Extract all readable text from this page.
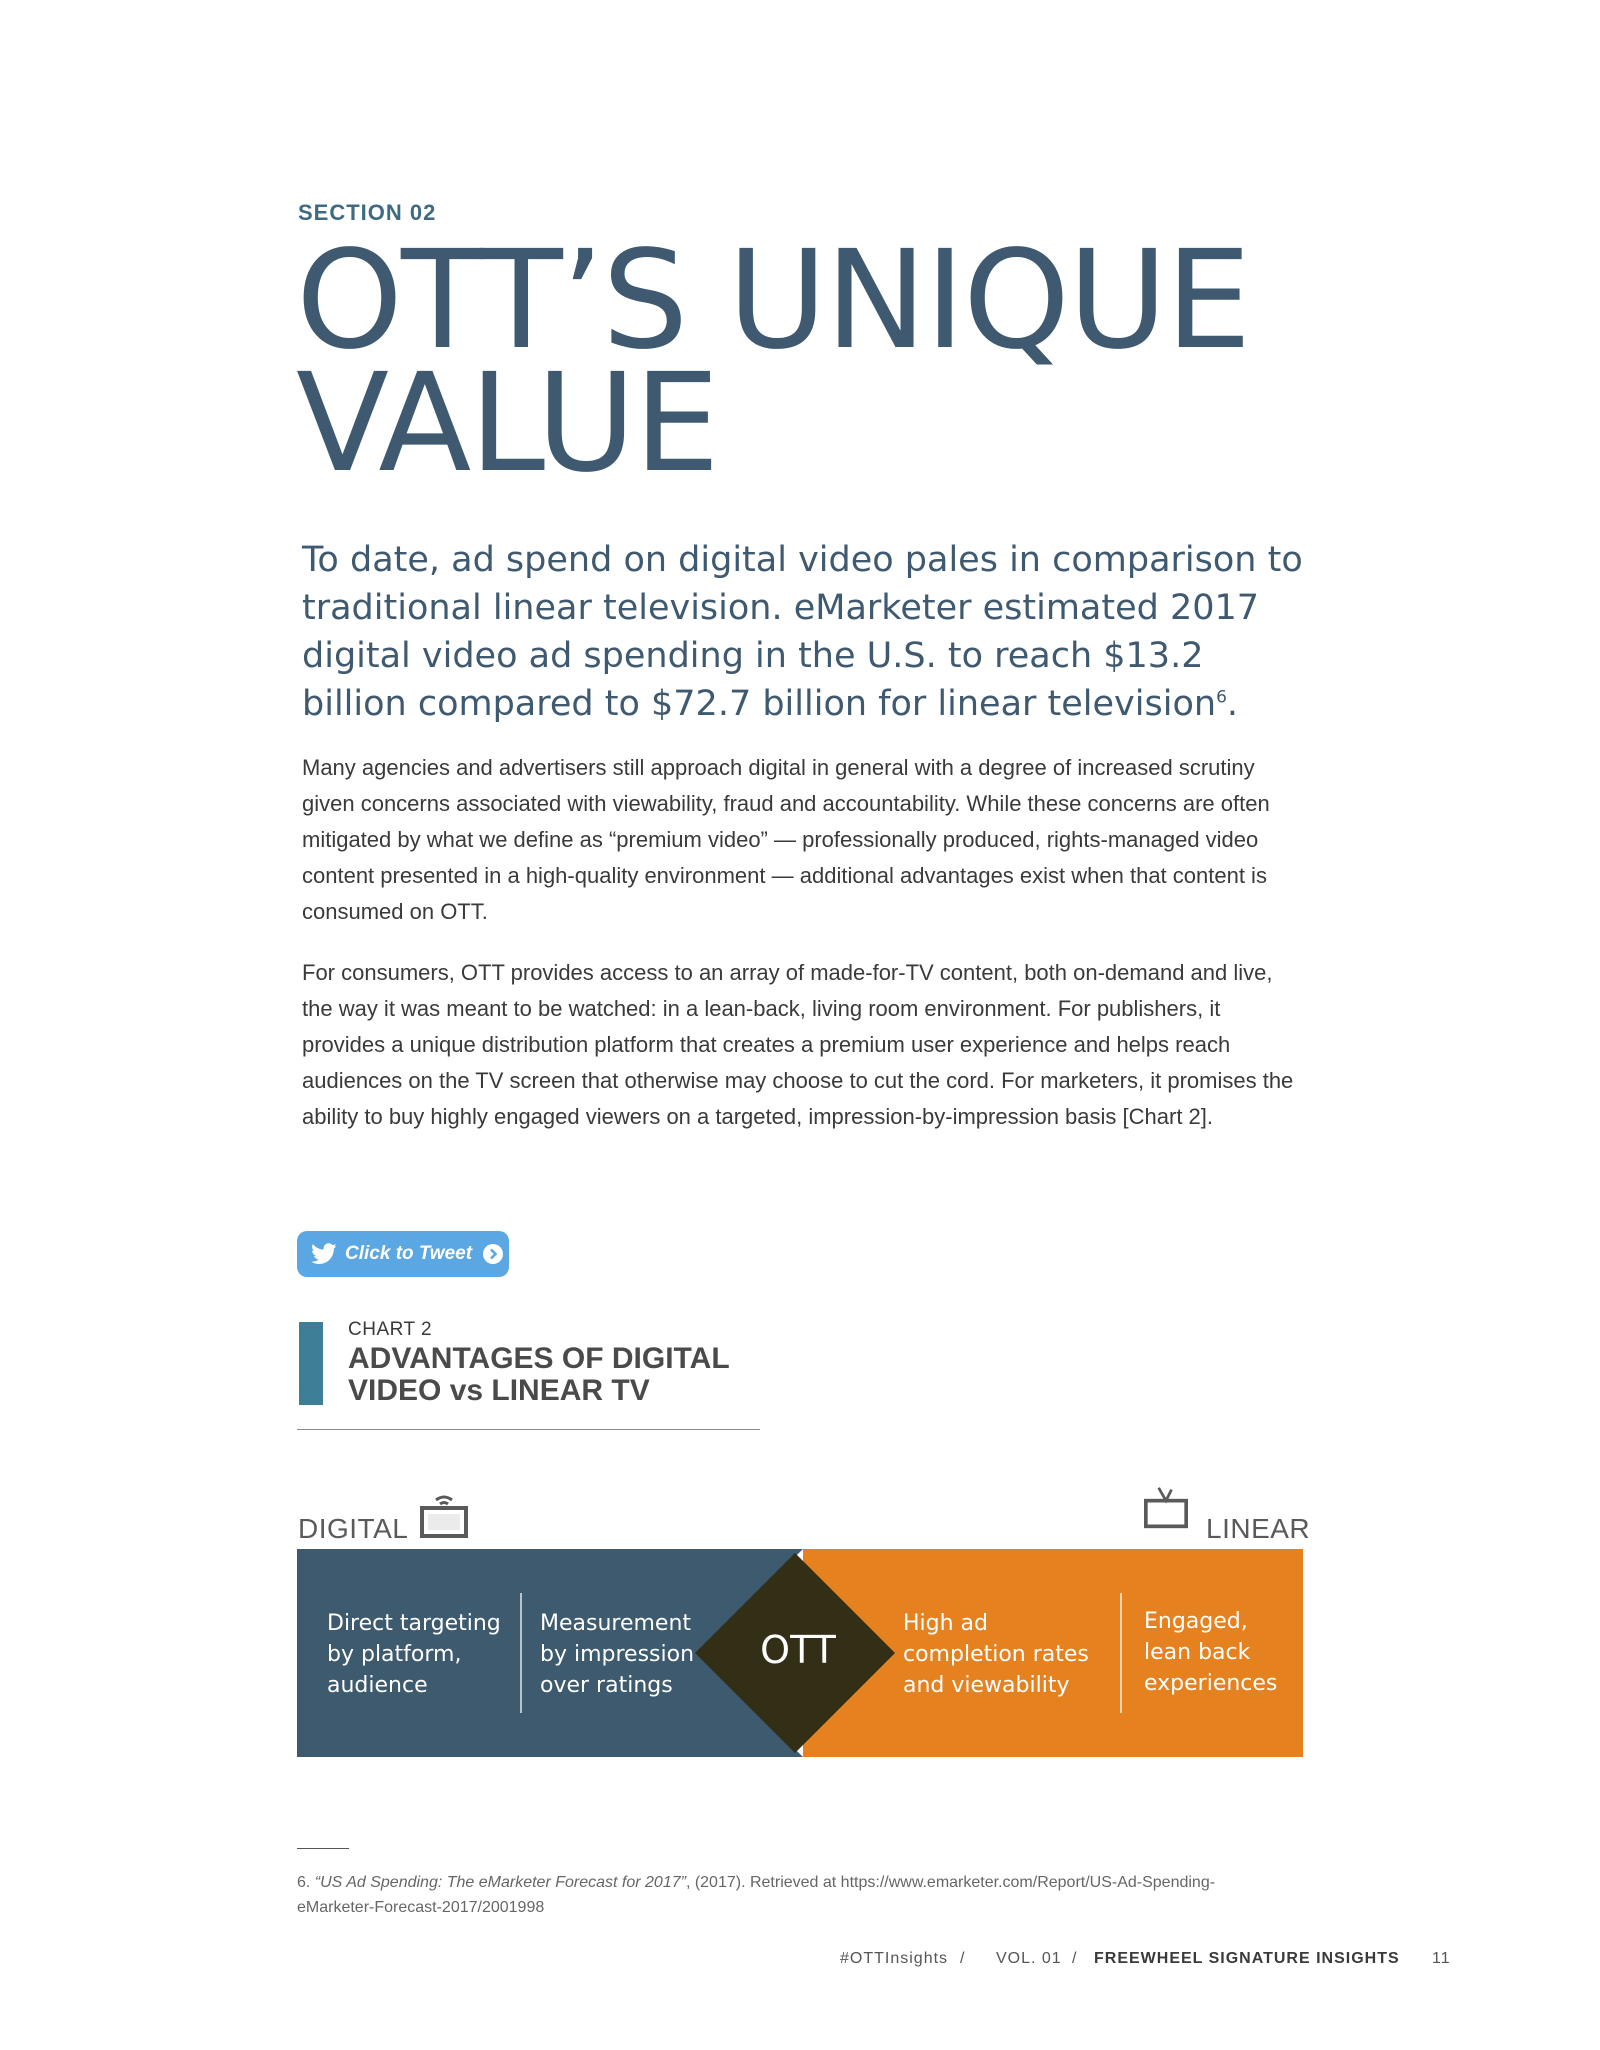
SECTION 02
OTT’S UNIQUE
VALUE
To date, ad spend on digital video pales in comparison to traditional linear television. eMarketer estimated 2017 digital video ad spending in the U.S. to reach $13.2 billion compared to $72.7 billion for linear television$^6$.
Many agencies and advertisers still approach digital in general with a degree of increased scrutiny given concerns associated with viewability, fraud and accountability. While these concerns are often mitigated by what we define as “premium video” — professionally produced, rights-managed video content presented in a high-quality environment — additional advantages exist when that content is consumed on OTT.
For consumers, OTT provides access to an array of made-for-TV content, both on-demand and live, the way it was meant to be watched: in a lean-back, living room environment. For publishers, it provides a unique distribution platform that creates a premium user experience and helps reach audiences on the TV screen that otherwise may choose to cut the cord. For marketers, it promises the ability to buy highly engaged viewers on a targeted, impression-by-impression basis [Chart 2].
Click to Tweet
CHART 2
ADVANTAGES OF DIGITAL
VIDEO vs LINEAR TV
DIGITAL	LINEAR
Direct targeting
by platform,
audience
Measurement
by impression
over ratings
OTT
High ad
completion rates
and viewability
Engaged,
lean back
experiences
6. “US Ad Spending: The eMarketer Forecast for 2017”, (2017). Retrieved at https://www.emarketer.com/Report/US-Ad-Spending-eMarketer-Forecast-2017/2001998
#OTTInsights / VOL. 01 / FREEWHEEL SIGNATURE INSIGHTS 11
